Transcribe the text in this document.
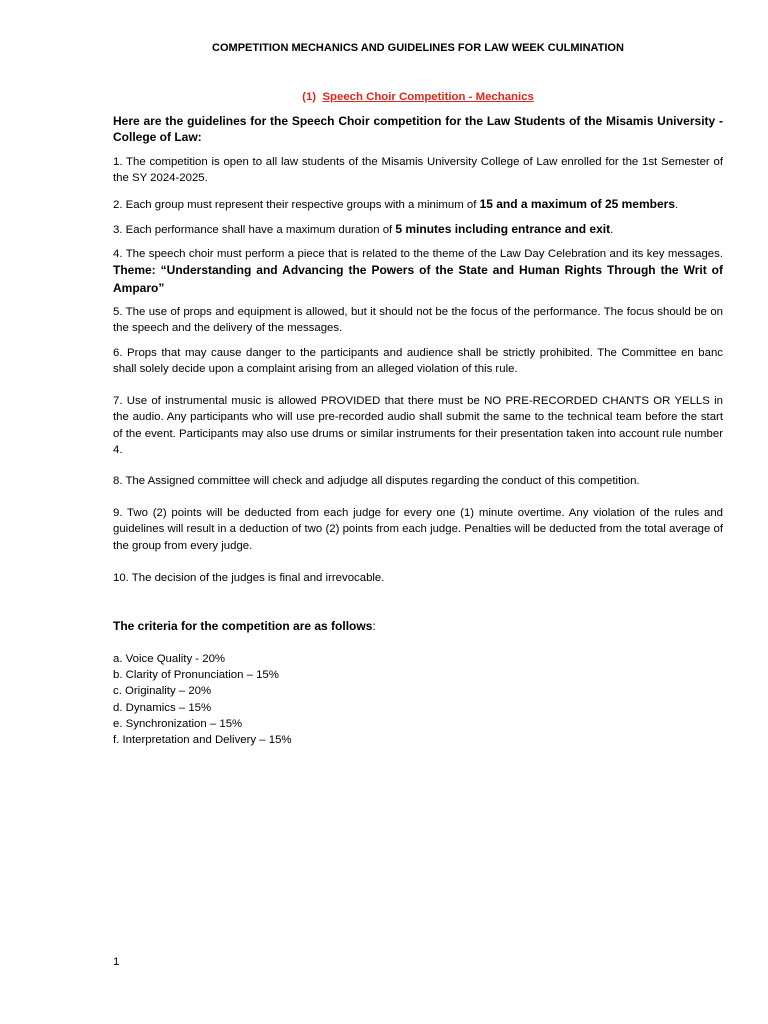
COMPETITION MECHANICS AND GUIDELINES FOR LAW WEEK CULMINATION
(1) Speech Choir Competition - Mechanics
Here are the guidelines for the Speech Choir competition for the Law Students of the Misamis University - College of Law:
1. The competition is open to all law students of the Misamis University College of Law enrolled for the 1st Semester of the SY 2024-2025.
2. Each group must represent their respective groups with a minimum of 15 and a maximum of 25 members.
3. Each performance shall have a maximum duration of 5 minutes including entrance and exit.
4. The speech choir must perform a piece that is related to the theme of the Law Day Celebration and its key messages. Theme: “Understanding and Advancing the Powers of the State and Human Rights Through the Writ of Amparo”
5. The use of props and equipment is allowed, but it should not be the focus of the performance. The focus should be on the speech and the delivery of the messages.
6. Props that may cause danger to the participants and audience shall be strictly prohibited. The Committee en banc shall solely decide upon a complaint arising from an alleged violation of this rule.
7. Use of instrumental music is allowed PROVIDED that there must be NO PRE-RECORDED CHANTS OR YELLS in the audio. Any participants who will use pre-recorded audio shall submit the same to the technical team before the start of the event. Participants may also use drums or similar instruments for their presentation taken into account rule number 4.
8. The Assigned committee will check and adjudge all disputes regarding the conduct of this competition.
9. Two (2) points will be deducted from each judge for every one (1) minute overtime. Any violation of the rules and guidelines will result in a deduction of two (2) points from each judge. Penalties will be deducted from the total average of the group from every judge.
10. The decision of the judges is final and irrevocable.
The criteria for the competition are as follows:
a. Voice Quality - 20%
b. Clarity of Pronunciation – 15%
c. Originality – 20%
d. Dynamics – 15%
e. Synchronization – 15%
f. Interpretation and Delivery – 15%
1
